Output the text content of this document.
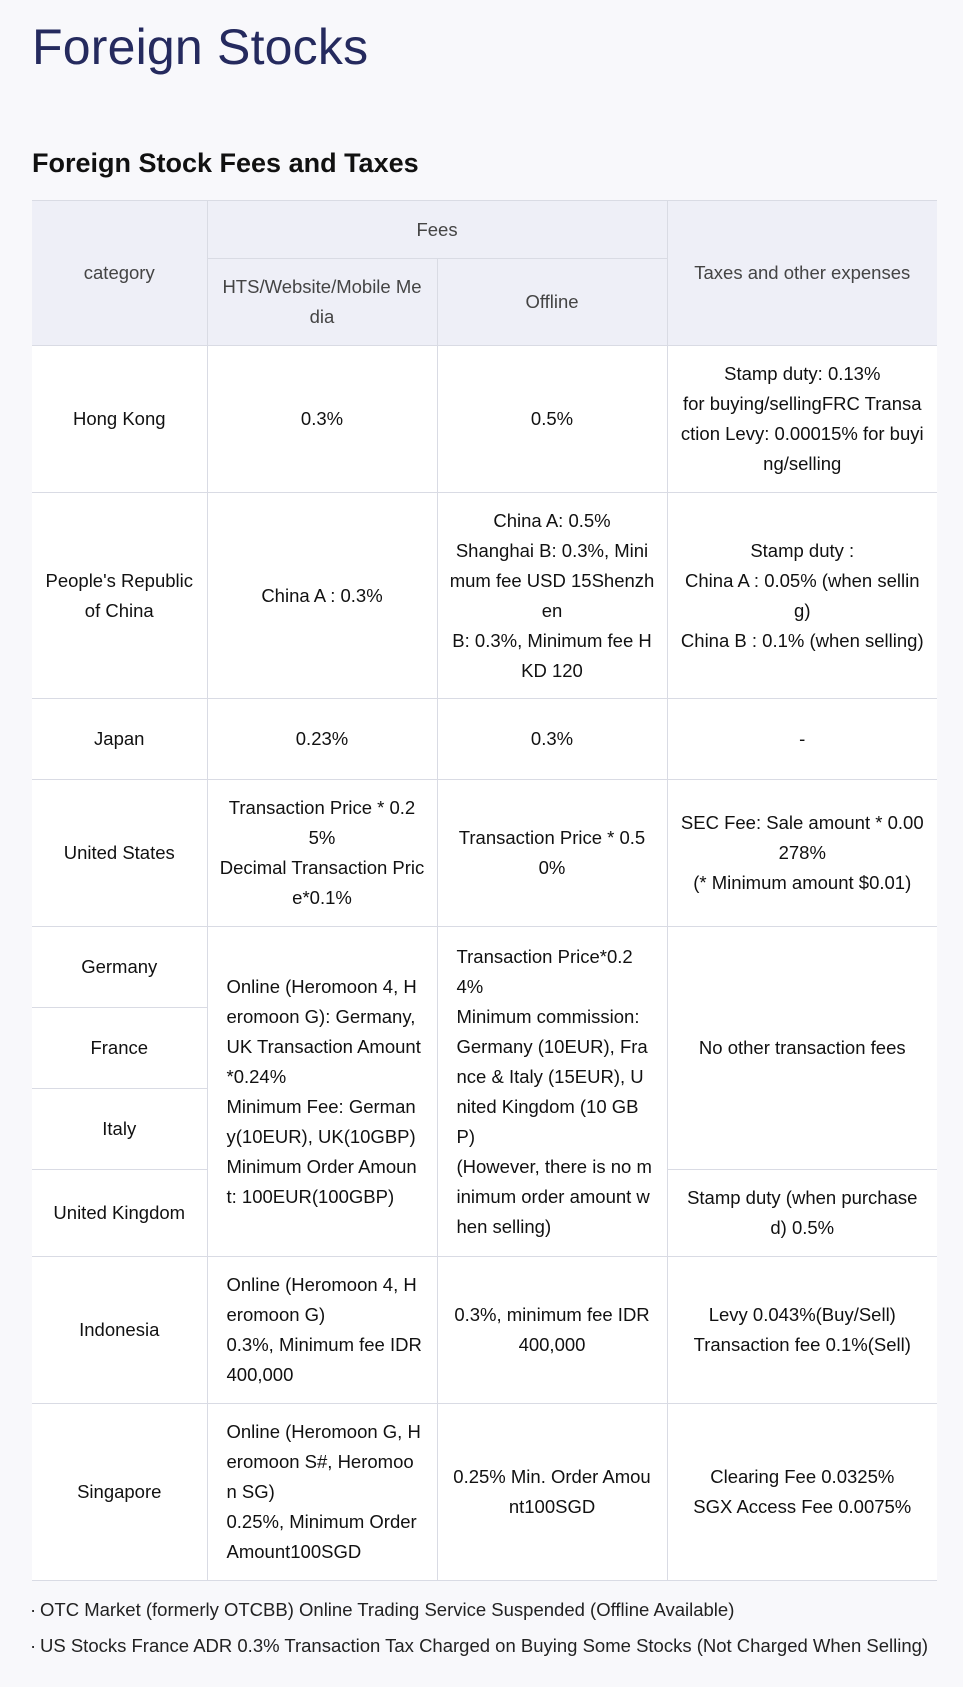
Foreign Stocks
Foreign Stock Fees and Taxes
category	Fees		Taxes and other expenses
	HTS/Website/Mobile Media	Offline	
Hong Kong	0.3%	0.5%	Stamp duty: 0.13%
for buying/sellingFRC Transaction Levy: 0.00015% for buying/selling
People's Republic of China	China A : 0.3%	China A: 0.5%
Shanghai B: 0.3%, Minimum fee USD 15Shenzhen
B: 0.3%, Minimum fee HKD 120	Stamp duty :
China A : 0.05% (when selling)
China B : 0.1% (when selling)
Japan	0.23%	0.3%	-
United States	Transaction Price * 0.25%
Decimal Transaction Price*0.1%	Transaction Price * 0.50%	SEC Fee: Sale amount * 0.00278%
(* Minimum amount $0.01)
Germany	Online (Heromoon 4, Heromoon G): Germany, UK Transaction Amount*0.24%
Minimum Fee: Germany(10EUR), UK(10GBP)
Minimum Order Amount: 100EUR(100GBP)	Transaction Price*0.24%
Minimum commission: Germany (10EUR), France & Italy (15EUR), United Kingdom (10 GBP)
(However, there is no minimum order amount when selling)	No other transaction fees
France			
Italy			
United Kingdom			Stamp duty (when purchased) 0.5%
Indonesia	Online (Heromoon 4, Heromoon G)
0.3%, Minimum fee IDR 400,000	0.3%, minimum fee IDR 400,000	Levy 0.043%(Buy/Sell)
Transaction fee 0.1%(Sell)
Singapore	Online (Heromoon G, Heromoon S#, Heromoon SG)
0.25%, Minimum Order Amount100SGD	0.25% Min. Order Amount100SGD	Clearing Fee 0.0325%
SGX Access Fee 0.0075%
· OTC Market (formerly OTCBB) Online Trading Service Suspended (Offline Available)
· US Stocks France ADR 0.3% Transaction Tax Charged on Buying Some Stocks (Not Charged When Selling)
